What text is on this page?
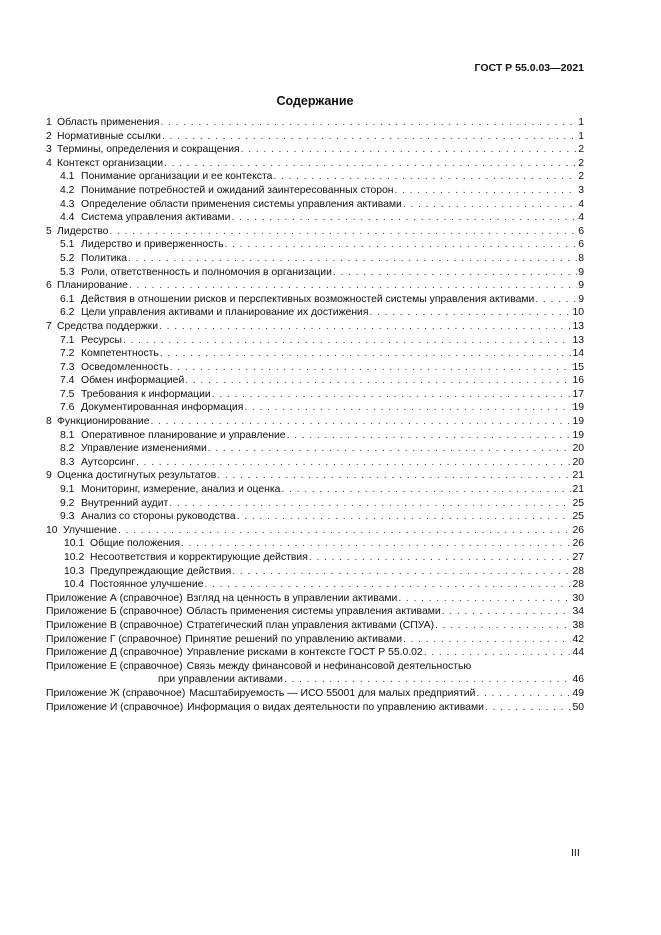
ГОСТ Р 55.0.03—2021
Содержание
1 Область применения . . .	1
2 Нормативные ссылки . . .	1
3 Термины, определения и сокращения . . .	2
4 Контекст организации . . .	2
4.1 Понимание организации и ее контекста . . .	2
4.2 Понимание потребностей и ожиданий заинтересованных сторон . . .	3
4.3 Определение области применения системы управления активами . . .	4
4.4 Система управления активами . . .	4
5 Лидерство . . .	6
5.1 Лидерство и приверженность . . .	6
5.2 Политика . . .	8
5.3 Роли, ответственность и полномочия в организации . . .	9
6 Планирование . . .	9
6.1 Действия в отношении рисков и перспективных возможностей системы управления активами . . .	9
6.2 Цели управления активами и планирование их достижения . . .	10
7 Средства поддержки . . .	13
7.1 Ресурсы . . .	13
7.2 Компетентность . . .	14
7.3 Осведомленность . . .	15
7.4 Обмен информацией . . .	16
7.5 Требования к информации . . .	17
7.6 Документированная информация . . .	19
8 Функционирование . . .	19
8.1 Оперативное планирование и управление . . .	19
8.2 Управление изменениями . . .	20
8.3 Аутсорсинг . . .	20
9 Оценка достигнутых результатов . . .	21
9.1 Мониторинг, измерение, анализ и оценка . . .	21
9.2 Внутренний аудит . . .	25
9.3 Анализ со стороны руководства . . .	25
10 Улучшение . . .	26
10.1 Общие положения . . .	26
10.2 Несоответствия и корректирующие действия . . .	27
10.3 Предупреждающие действия . . .	28
10.4 Постоянное улучшение . . .	28
Приложение А (справочное) Взгляд на ценность в управлении активами . . .	30
Приложение Б (справочное) Область применения системы управления активами . . .	34
Приложение В (справочное) Стратегический план управления активами (СПУА) . . .	38
Приложение Г (справочное) Принятие решений по управлению активами . . .	42
Приложение Д (справочное) Управление рисками в контексте ГОСТ Р 55.0.02 . . .	44
Приложение Е (справочное) Связь между финансовой и нефинансовой деятельностью
при управлении активами . . .	46
Приложение Ж (справочное) Масштабируемость — ИСО 55001 для малых предприятий . . .	49
Приложение И (справочное) Информация о видах деятельности по управлению активами . . .	50
III
